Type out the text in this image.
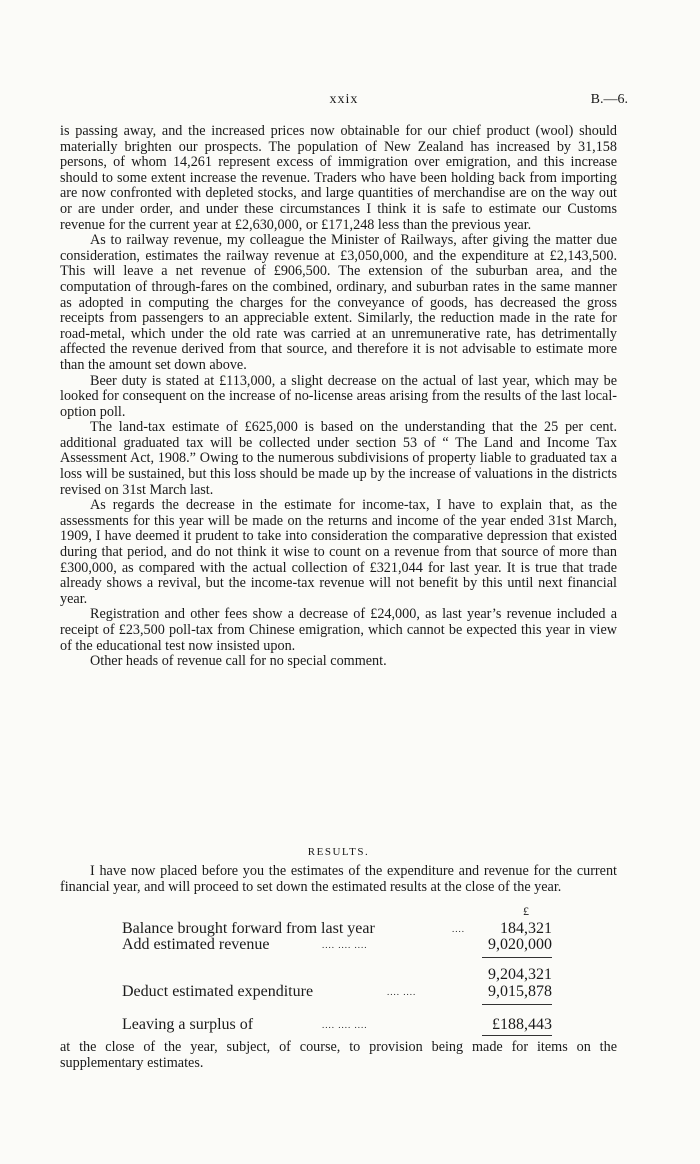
xxix	B.—6.

is passing away, and the increased prices now obtainable for our chief product (wool) should materially brighten our prospects. The population of New Zealand has increased by 31,158 persons, of whom 14,261 represent excess of immigration over emigration, and this increase should to some extent increase the revenue. Traders who have been holding back from importing are now confronted with depleted stocks, and large quantities of merchandise are on the way out or are under order, and under these circumstances I think it is safe to estimate our Customs revenue for the current year at £2,630,000, or £171,248 less than the previous year.

As to railway revenue, my colleague the Minister of Railways, after giving the matter due consideration, estimates the railway revenue at £3,050,000, and the expenditure at £2,143,500. This will leave a net revenue of £906,500. The extension of the suburban area, and the computation of through-fares on the combined, ordinary, and suburban rates in the same manner as adopted in computing the charges for the conveyance of goods, has decreased the gross receipts from passengers to an appreciable extent. Similarly, the reduction made in the rate for road-metal, which under the old rate was carried at an unremunerative rate, has detrimentally affected the revenue derived from that source, and therefore it is not advisable to estimate more than the amount set down above.

Beer duty is stated at £113,000, a slight decrease on the actual of last year, which may be looked for consequent on the increase of no-license areas arising from the results of the last local-option poll.

The land-tax estimate of £625,000 is based on the understanding that the 25 per cent. additional graduated tax will be collected under section 53 of “ The Land and Income Tax Assessment Act, 1908.” Owing to the numerous subdivisions of property liable to graduated tax a loss will be sustained, but this loss should be made up by the increase of valuations in the districts revised on 31st March last.

As regards the decrease in the estimate for income-tax, I have to explain that, as the assessments for this year will be made on the returns and income of the year ended 31st March, 1909, I have deemed it prudent to take into consideration the comparative depression that existed during that period, and do not think it wise to count on a revenue from that source of more than £300,000, as compared with the actual collection of £321,044 for last year. It is true that trade already shows a revival, but the income-tax revenue will not benefit by this until next financial year.

Registration and other fees show a decrease of £24,000, as last year’s revenue included a receipt of £23,500 poll-tax from Chinese emigration, which cannot be expected this year in view of the educational test now insisted upon.

Other heads of revenue call for no special comment.

RESULTS.

I have now placed before you the estimates of the expenditure and revenue for the current financial year, and will proceed to set down the estimated results at the close of the year.

£
Balance brought forward from last year	.... 184,321
Add estimated revenue	.... .... ....	9,020,000
9,204,321
Deduct estimated expenditure	.... ....	9,015,878
Leaving a surplus of	.... .... ....	£188,443

at the close of the year, subject, of course, to provision being made for items on the supplementary estimates.
